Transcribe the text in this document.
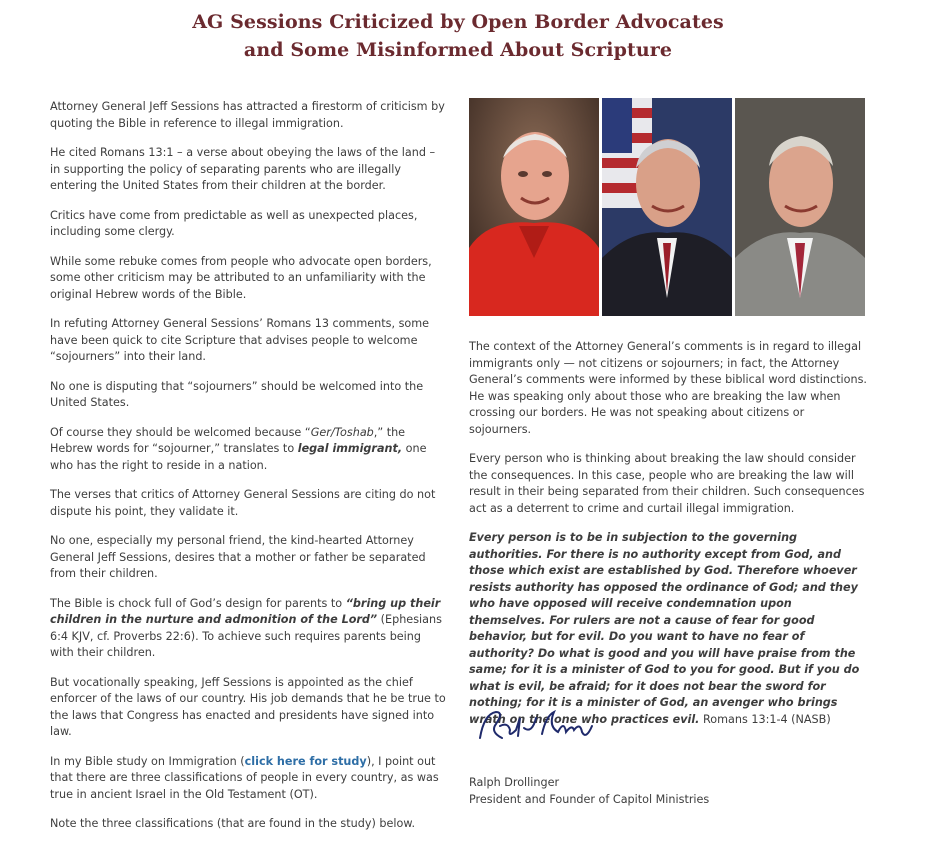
AG Sessions Criticized by Open Border Advocates
and Some Misinformed About Scripture

Attorney General Jeff Sessions has attracted a firestorm of criticism by quoting the Bible in reference to illegal immigration.

He cited Romans 13:1 – a verse about obeying the laws of the land – in supporting the policy of separating parents who are illegally entering the United States from their children at the border.

Critics have come from predictable as well as unexpected places, including some clergy.

While some rebuke comes from people who advocate open borders, some other criticism may be attributed to an unfamiliarity with the original Hebrew words of the Bible.

In refuting Attorney General Sessions’ Romans 13 comments, some have been quick to cite Scripture that advises people to welcome “sojourners” into their land.

No one is disputing that “sojourners” should be welcomed into the United States.

Of course they should be welcomed because “Ger/Toshab,” the Hebrew words for “sojourner,” translates to legal immigrant, one who has the right to reside in a nation.

The verses that critics of Attorney General Sessions are citing do not dispute his point, they validate it.

No one, especially my personal friend, the kind-hearted Attorney General Jeff Sessions, desires that a mother or father be separated from their children.

The Bible is chock full of God’s design for parents to “bring up their children in the nurture and admonition of the Lord” (Ephesians 6:4 KJV, cf. Proverbs 22:6). To achieve such requires parents being with their children.

But vocationally speaking, Jeff Sessions is appointed as the chief enforcer of the laws of our country. His job demands that he be true to the laws that Congress has enacted and presidents have signed into law.

In my Bible study on Immigration (click here for study), I point out that there are three classifications of people in every country, as was true in ancient Israel in the Old Testament (OT).

Note the three classifications (that are found in the study) below.

The context of the Attorney General’s comments is in regard to illegal immigrants only — not citizens or sojourners; in fact, the Attorney General’s comments were informed by these biblical word distinctions. He was speaking only about those who are breaking the law when crossing our borders. He was not speaking about citizens or sojourners.

Every person who is thinking about breaking the law should consider the consequences. In this case, people who are breaking the law will result in their being separated from their children. Such consequences act as a deterrent to crime and curtail illegal immigration.

Every person is to be in subjection to the governing authorities. For there is no authority except from God, and those which exist are established by God. Therefore whoever resists authority has opposed the ordinance of God; and they who have opposed will receive condemnation upon themselves. For rulers are not a cause of fear for good behavior, but for evil. Do you want to have no fear of authority? Do what is good and you will have praise from the same; for it is a minister of God to you for good. But if you do what is evil, be afraid; for it does not bear the sword for nothing; for it is a minister of God, an avenger who brings wrath on the one who practices evil. Romans 13:1-4 (NASB)

Ralph Drollinger
President and Founder of Capitol Ministries
